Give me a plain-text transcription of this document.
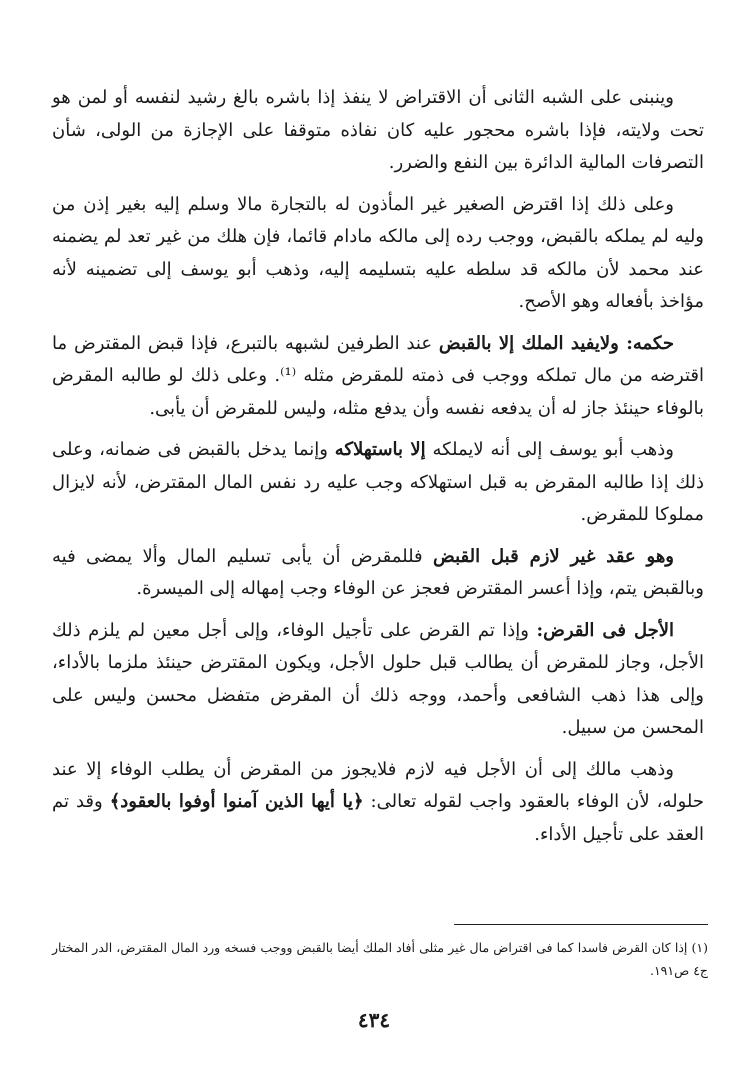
وينبنى على الشبه الثانى أن الاقتراض لا ينفذ إذا باشره بالغ رشيد لنفسه أو لمن هو تحت ولايته، فإذا باشره محجور عليه كان نفاذه متوقفا على الإجازة من الولى، شأن التصرفات المالية الدائرة بين النفع والضرر.

وعلى ذلك إذا اقترض الصغير غير المأذون له بالتجارة مالا وسلم إليه بغير إذن من وليه لم يملكه بالقبض، ووجب رده إلى مالكه مادام قائما، فإن هلك من غير تعد لم يضمنه عند محمد لأن مالكه قد سلطه عليه بتسليمه إليه، وذهب أبو يوسف إلى تضمينه لأنه مؤاخذ بأفعاله وهو الأصح.

حكمه: ولايفيد الملك إلا بالقبض عند الطرفين لشبهه بالتبرع، فإذا قبض المقترض ما اقترضه من مال تملكه ووجب فى ذمته للمقرض مثله ⁽¹⁾. وعلى ذلك لو طالبه المقرض بالوفاء حينئذ جاز له أن يدفعه نفسه وأن يدفع مثله، وليس للمقرض أن يأبى.

وذهب أبو يوسف إلى أنه لايملكه إلا باستهلاكه وإنما يدخل بالقبض فى ضمانه، وعلى ذلك إذا طالبه المقرض به قبل استهلاكه وجب عليه رد نفس المال المقترض، لأنه لايزال مملوكا للمقرض.

وهو عقد غير لازم قبل القبض فللمقرض أن يأبى تسليم المال وألا يمضى فيه وبالقبض يتم، وإذا أعسر المقترض فعجز عن الوفاء وجب إمهاله إلى الميسرة.

الأجل فى القرض: وإذا تم القرض على تأجيل الوفاء، وإلى أجل معين لم يلزم ذلك الأجل، وجاز للمقرض أن يطالب قبل حلول الأجل، ويكون المقترض حينئذ ملزما بالأداء، وإلى هذا ذهب الشافعى وأحمد، ووجه ذلك أن المقرض متفضل محسن وليس على المحسن من سبيل.

وذهب مالك إلى أن الأجل فيه لازم فلايجوز من المقرض أن يطلب الوفاء إلا عند حلوله، لأن الوفاء بالعقود واجب لقوله تعالى: ﴿يا أيها الذين آمنوا أوفوا بالعقود﴾ وقد تم العقد على تأجيل الأداء.

(١) إذا كان القرض فاسدا كما فى اقتراض مال غير مثلى أفاد الملك أيضا بالقبض ووجب فسخه ورد المال المقترض، الدر المختار ج٤ ص١٩١.

٤٣٤
